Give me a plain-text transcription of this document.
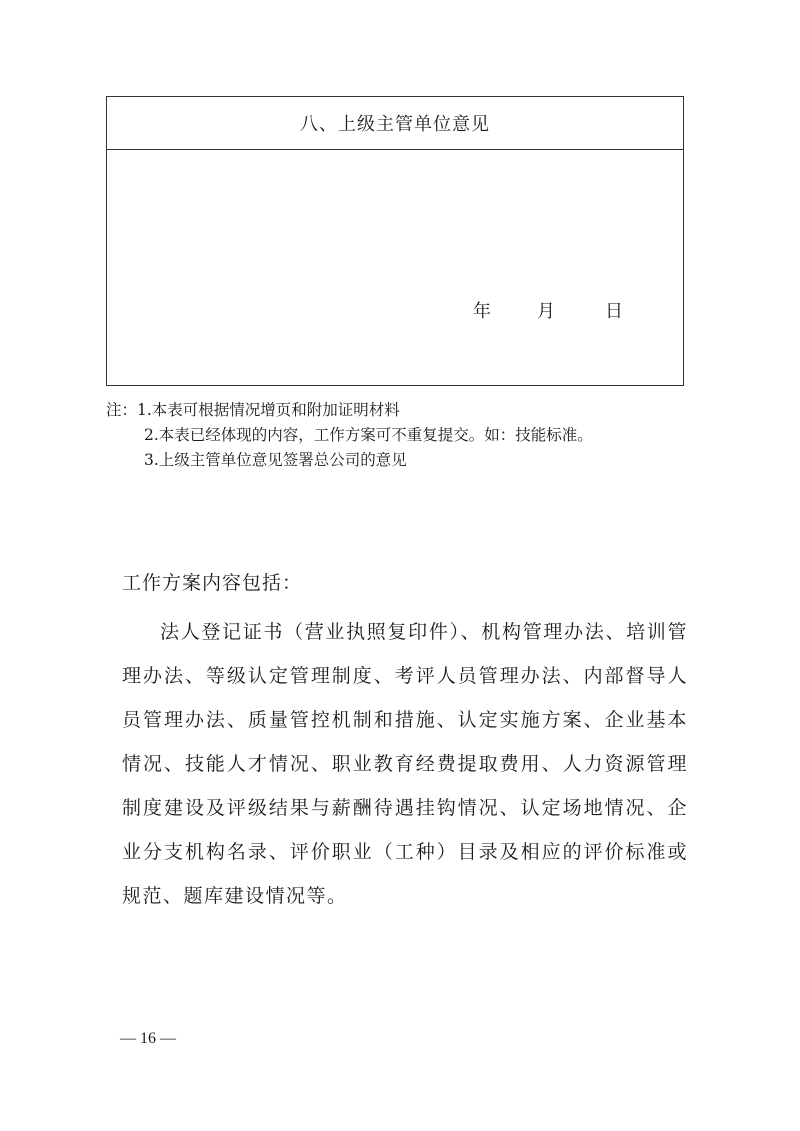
八、上级主管单位意见
年	月	日
注：1.本表可根据情况增页和附加证明材料
2.本表已经体现的内容，工作方案可不重复提交。如：技能标准。
3.上级主管单位意见签署总公司的意见
工作方案内容包括：
法人登记证书（营业执照复印件）、机构管理办法、培训管理办法、等级认定管理制度、考评人员管理办法、内部督导人员管理办法、质量管控机制和措施、认定实施方案、企业基本情况、技能人才情况、职业教育经费提取费用、人力资源管理制度建设及评级结果与薪酬待遇挂钩情况、认定场地情况、企业分支机构名录、评价职业（工种）目录及相应的评价标准或规范、题库建设情况等。
— 16 —
